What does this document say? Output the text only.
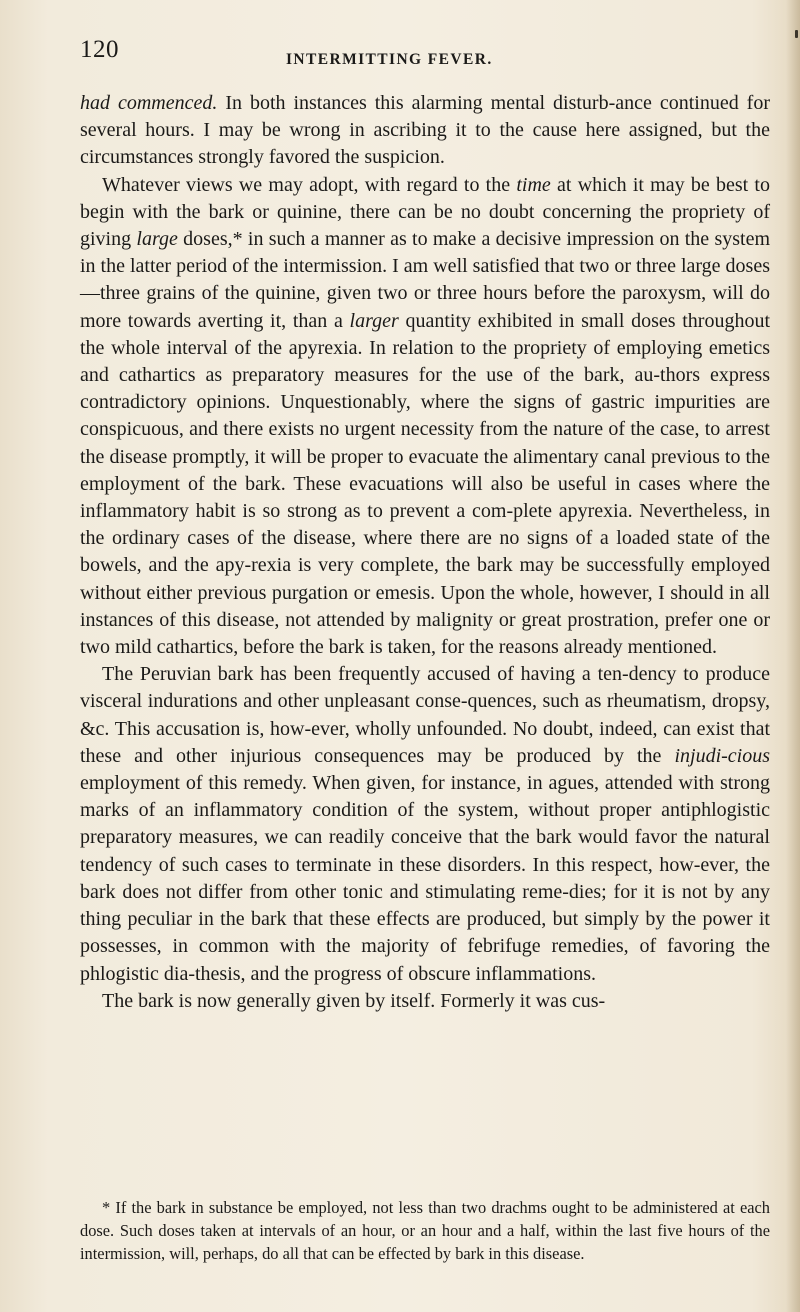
120	INTERMITTING FEVER.

had commenced. In both instances this alarming mental disturb-ance continued for several hours. I may be wrong in ascribing it to the cause here assigned, but the circumstances strongly favored the suspicion.

Whatever views we may adopt, with regard to the time at which it may be best to begin with the bark or quinine, there can be no doubt concerning the propriety of giving large doses,* in such a manner as to make a decisive impression on the system in the latter period of the intermission. I am well satisfied that two or three large doses—three grains of the quinine, given two or three hours before the paroxysm, will do more towards averting it, than a larger quantity exhibited in small doses throughout the whole interval of the apyrexia. In relation to the propriety of employing emetics and cathartics as preparatory measures for the use of the bark, au-thors express contradictory opinions. Unquestionably, where the signs of gastric impurities are conspicuous, and there exists no urgent necessity from the nature of the case, to arrest the disease promptly, it will be proper to evacuate the alimentary canal previous to the employment of the bark. These evacuations will also be useful in cases where the inflammatory habit is so strong as to prevent a com-plete apyrexia. Nevertheless, in the ordinary cases of the disease, where there are no signs of a loaded state of the bowels, and the apy-rexia is very complete, the bark may be successfully employed without either previous purgation or emesis. Upon the whole, however, I should in all instances of this disease, not attended by malignity or great prostration, prefer one or two mild cathartics, before the bark is taken, for the reasons already mentioned.

The Peruvian bark has been frequently accused of having a ten-dency to produce visceral indurations and other unpleasant conse-quences, such as rheumatism, dropsy, &c. This accusation is, how-ever, wholly unfounded. No doubt, indeed, can exist that these and other injurious consequences may be produced by the injudi-cious employment of this remedy. When given, for instance, in agues, attended with strong marks of an inflammatory condition of the system, without proper antiphlogistic preparatory measures, we can readily conceive that the bark would favor the natural tendency of such cases to terminate in these disorders. In this respect, how-ever, the bark does not differ from other tonic and stimulating reme-dies; for it is not by any thing peculiar in the bark that these effects are produced, but simply by the power it possesses, in common with the majority of febrifuge remedies, of favoring the phlogistic dia-thesis, and the progress of obscure inflammations.

The bark is now generally given by itself. Formerly it was cus-

* If the bark in substance be employed, not less than two drachms ought to be administered at each dose. Such doses taken at intervals of an hour, or an hour and a half, within the last five hours of the intermission, will, perhaps, do all that can be effected by bark in this disease.
